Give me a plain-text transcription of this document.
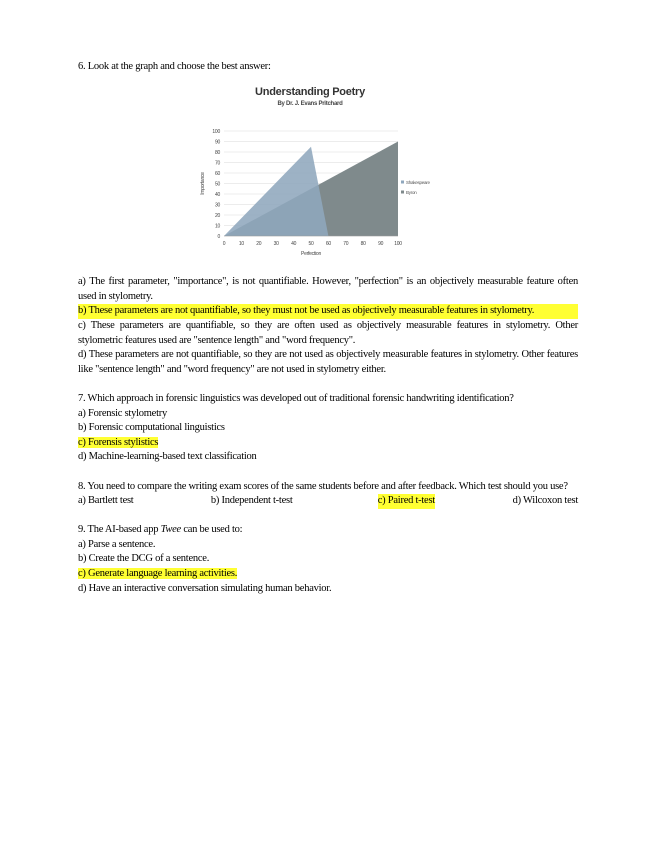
6. Look at the graph and choose the best answer:
Understanding Poetry
By Dr. J. Evans Pritchard
0
10
20
30
40
50
60
70
80
90
100
0	10 20 30 40 50 60 70 80 90 100
Perfection
Importance	Shakespeare
Byron
a) The first parameter, "importance", is not quantifiable. However, "perfection" is an objectively measurable feature often used in stylometry.
b) These parameters are not quantifiable, so they must not be used as objectively measurable features in stylometry.
c) These parameters are quantifiable, so they are often used as objectively measurable features in stylometry. Other stylometric features used are "sentence length" and "word frequency".
d) These parameters are not quantifiable, so they are not used as objectively measurable features in stylometry. Other features like "sentence length" and "word frequency" are not used in stylometry either.
7. Which approach in forensic linguistics was developed out of traditional forensic handwriting identification?
a) Forensic stylometry
b) Forensic computational linguistics
c) Forensis stylistics
d) Machine-learning-based text classification
8. You need to compare the writing exam scores of the same students before and after feedback. Which test should you use?
a) Bartlett test	b) Independent t-test	c) Paired t-test	d) Wilcoxon test
9. The AI-based app Twee can be used to:
a) Parse a sentence.
b) Create the DCG of a sentence.
c) Generate language learning activities.
d) Have an interactive conversation simulating human behavior.
